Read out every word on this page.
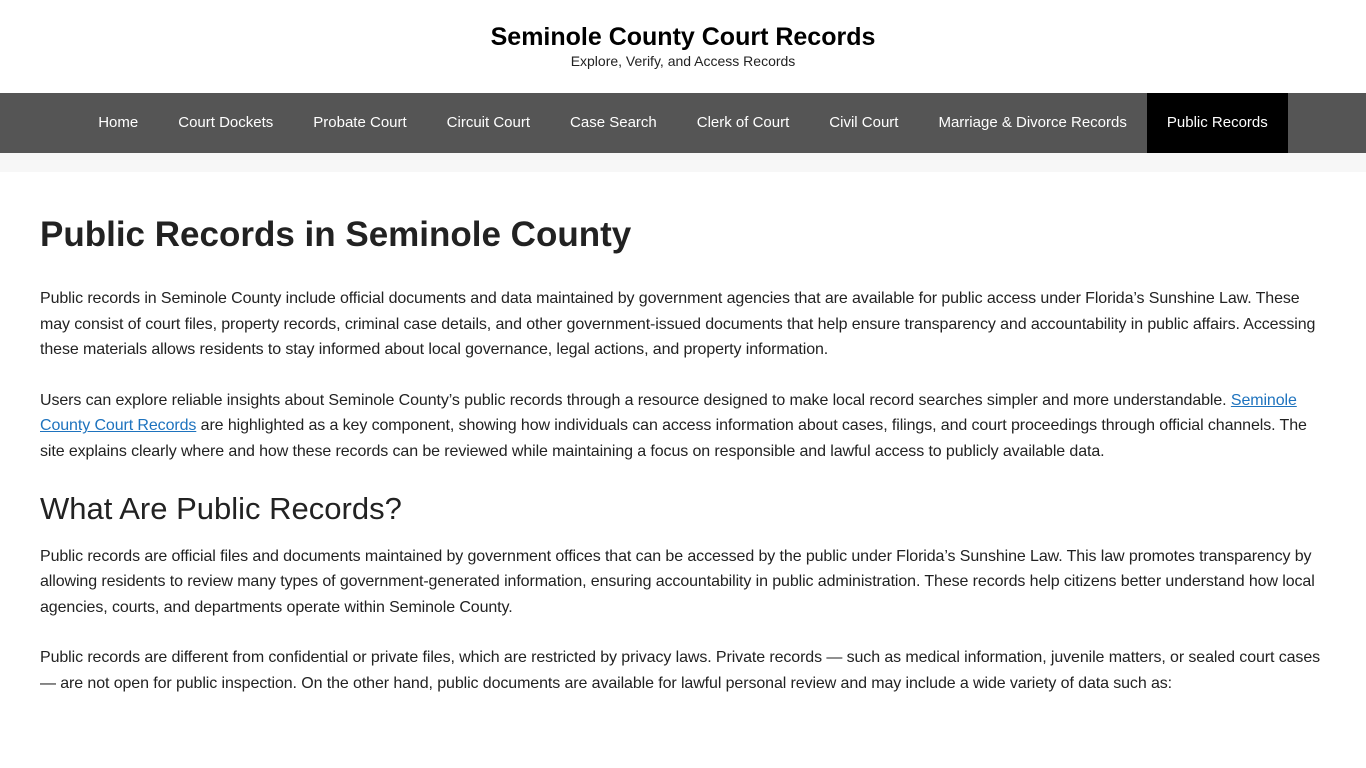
Seminole County Court Records
Explore, Verify, and Access Records
Home	Court Dockets	Probate Court	Circuit Court	Case Search	Clerk of Court	Civil Court	Marriage & Divorce Records	Public Records
Public Records in Seminole County

Public records in Seminole County include official documents and data maintained by government agencies that are available for public access under Florida’s Sunshine Law. These may consist of court files, property records, criminal case details, and other government-issued documents that help ensure transparency and accountability in public affairs. Accessing these materials allows residents to stay informed about local governance, legal actions, and property information.

Users can explore reliable insights about Seminole County’s public records through a resource designed to make local record searches simpler and more understandable. Seminole County Court Records are highlighted as a key component, showing how individuals can access information about cases, filings, and court proceedings through official channels. The site explains clearly where and how these records can be reviewed while maintaining a focus on responsible and lawful access to publicly available data.

What Are Public Records?

Public records are official files and documents maintained by government offices that can be accessed by the public under Florida’s Sunshine Law. This law promotes transparency by allowing residents to review many types of government-generated information, ensuring accountability in public administration. These records help citizens better understand how local agencies, courts, and departments operate within Seminole County.

Public records are different from confidential or private files, which are restricted by privacy laws. Private records — such as medical information, juvenile matters, or sealed court cases — are not open for public inspection. On the other hand, public documents are available for lawful personal review and may include a wide variety of data such as:
